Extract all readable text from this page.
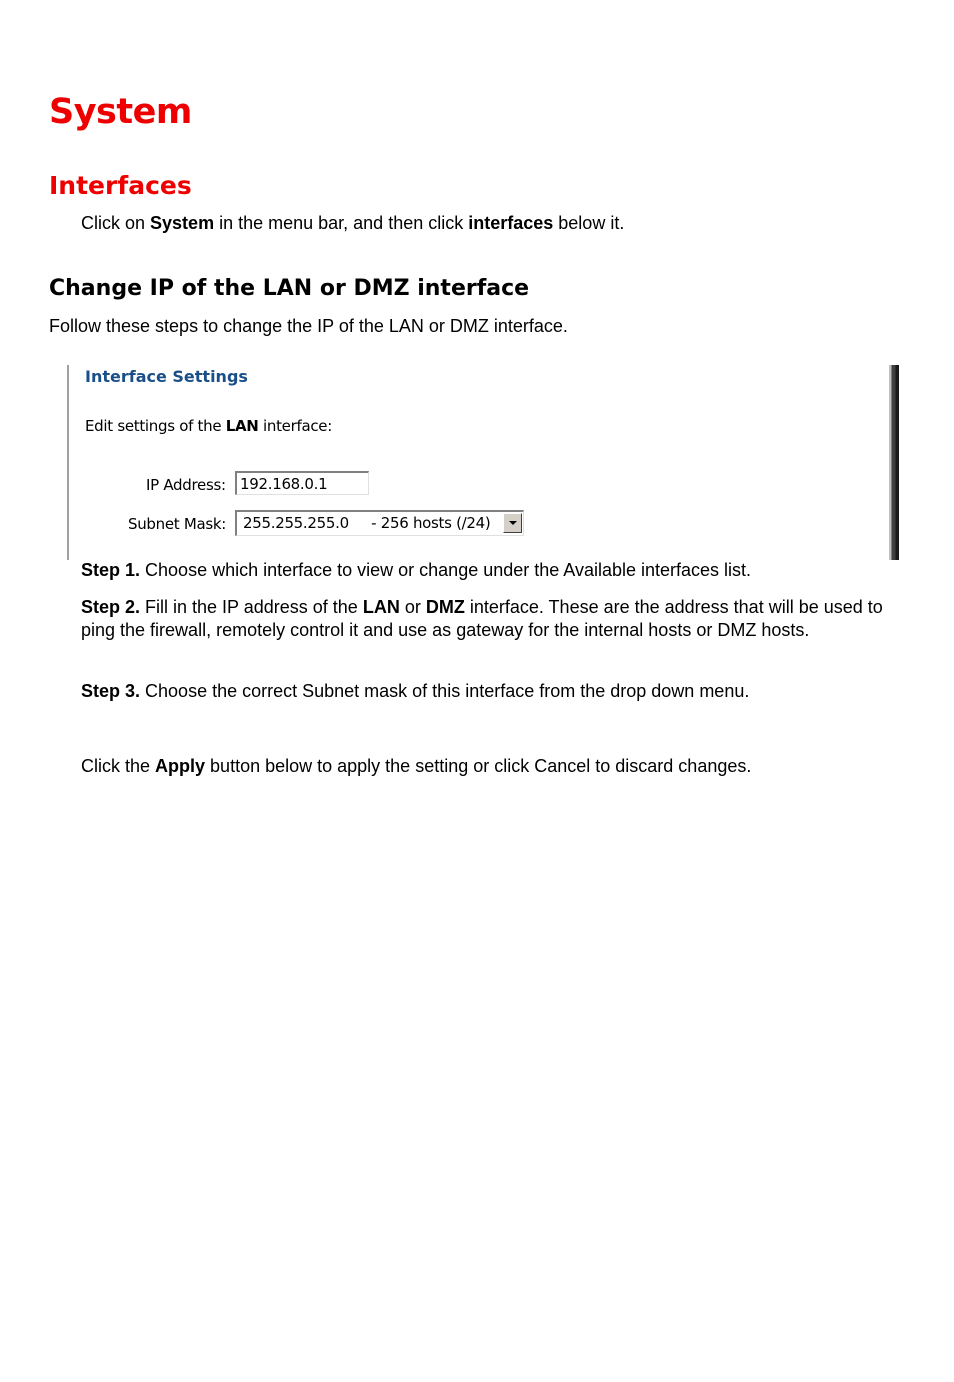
System
Interfaces
Click on System in the menu bar, and then click interfaces below it.
Change IP of the LAN or DMZ interface
Follow these steps to change the IP of the LAN or DMZ interface.
Interface Settings
Edit settings of the LAN interface:
IP Address: 192.168.0.1
Subnet Mask: 255.255.255.0     - 256 hosts (/24)
Step 1. Choose which interface to view or change under the Available interfaces list.
Step 2. Fill in the IP address of the LAN or DMZ interface. These are the address that will be used to ping the firewall, remotely control it and use as gateway for the internal hosts or DMZ hosts.
Step 3. Choose the correct Subnet mask of this interface from the drop down menu.
Click the Apply button below to apply the setting or click Cancel to discard changes.
